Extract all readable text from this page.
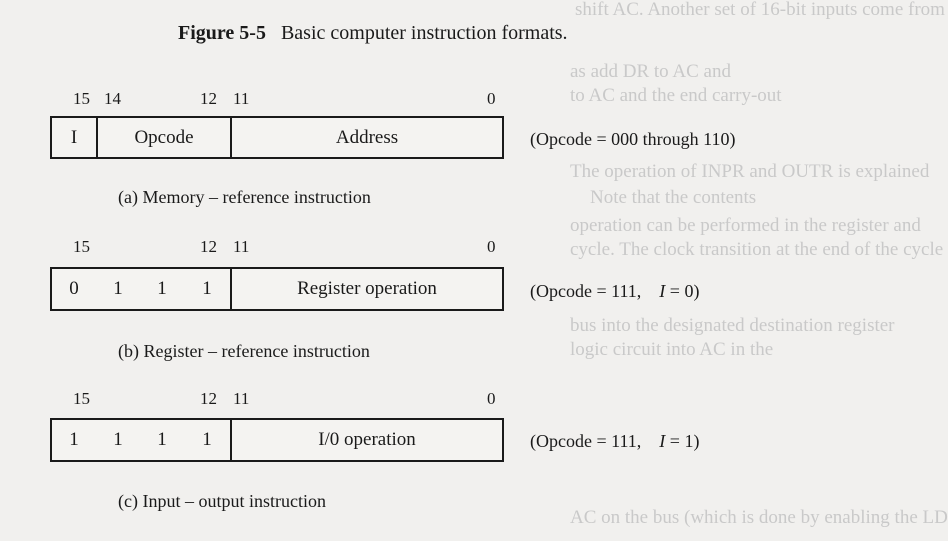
shift AC. Another set of 16-bit inputs come from
as add DR to AC and
to AC and the end carry-out
The operation of INPR and OUTR is explained
Note that the contents
operation can be performed in the register and
cycle. The clock transition at the end of the cycle
bus into the designated destination register
logic circuit into AC in the
AC on the bus (which is done by enabling the LD
Figure 5-5 Basic computer instruction formats.
15 14	12 11	0
I	Opcode	Address	(Opcode = 000 through 110)
(a) Memory – reference instruction
15	12 11	0
0	1	1	1	Register operation	(Opcode = 111, I = 0)
(b) Register – reference instruction
15	12 11	0
1	1	1	1	I/0 operation	(Opcode = 111, I = 1)
(c) Input – output instruction
